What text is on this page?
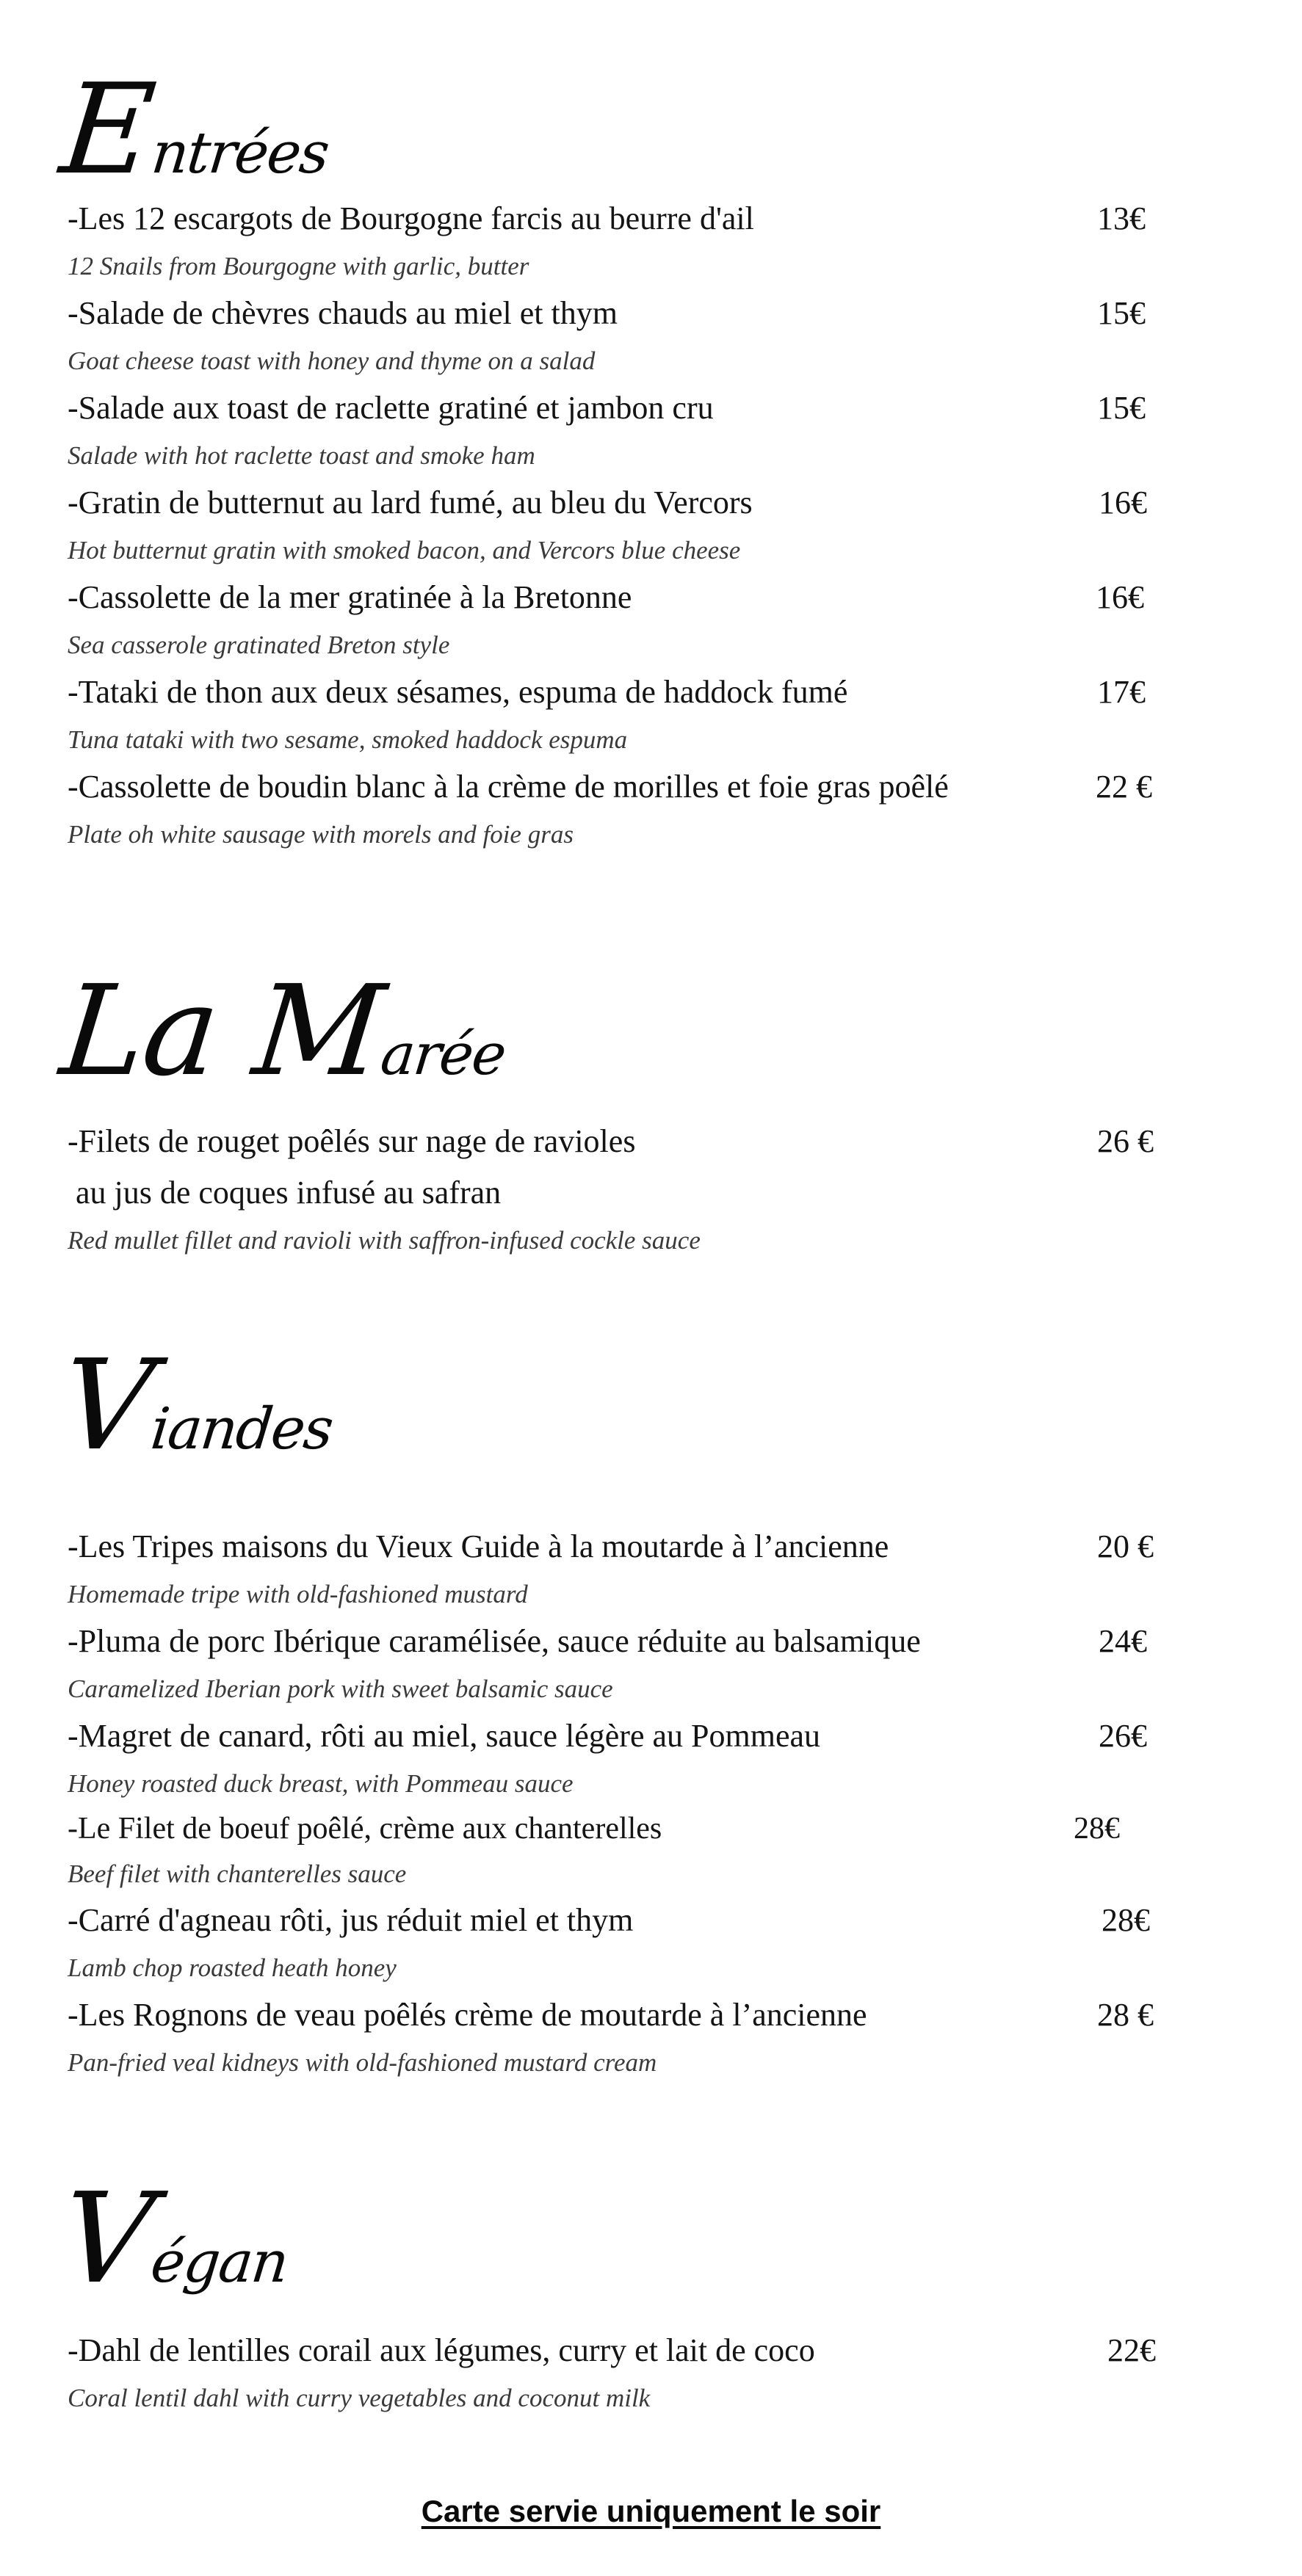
Entrées
-Les 12 escargots de Bourgogne farcis au beurre d'ail	13€
12 Snails from Bourgogne with garlic, butter
-Salade de chèvres chauds au miel et thym	15€
Goat cheese toast with honey and thyme on a salad
-Salade aux toast de raclette gratiné et jambon cru	15€
Salade with hot raclette toast and smoke ham
-Gratin de butternut au lard fumé, au bleu du Vercors	16€
Hot butternut gratin with smoked bacon, and Vercors blue cheese
-Cassolette de la mer gratinée à la Bretonne	16€
Sea casserole gratinated Breton style
-Tataki de thon aux deux sésames, espuma de haddock fumé	17€
Tuna tataki with two sesame, smoked haddock espuma
-Cassolette de boudin blanc à la crème de morilles et foie gras poêlé	22 €
Plate oh white sausage with morels and foie gras
La Marée
-Filets de rouget poêlés sur nage de ravioles	26 €
au jus de coques infusé au safran
Red mullet fillet and ravioli with saffron-infused cockle sauce
Viandes
-Les Tripes maisons du Vieux Guide à la moutarde à l’ancienne	20 €
Homemade tripe with old-fashioned mustard
-Pluma de porc Ibérique caramélisée, sauce réduite au balsamique	24€
Caramelized Iberian pork with sweet balsamic sauce
-Magret de canard, rôti au miel, sauce légère au Pommeau	26€
Honey roasted duck breast, with Pommeau sauce
-Le Filet de boeuf poêlé, crème aux chanterelles	28€
Beef filet with chanterelles sauce
-Carré d'agneau rôti, jus réduit miel et thym	28€
Lamb chop roasted heath honey
-Les Rognons de veau poêlés crème de moutarde à l’ancienne	28 €
Pan-fried veal kidneys with old-fashioned mustard cream
Végan
-Dahl de lentilles corail aux légumes, curry et lait de coco	22€
Coral lentil dahl with curry vegetables and coconut milk
Carte servie uniquement le soir
